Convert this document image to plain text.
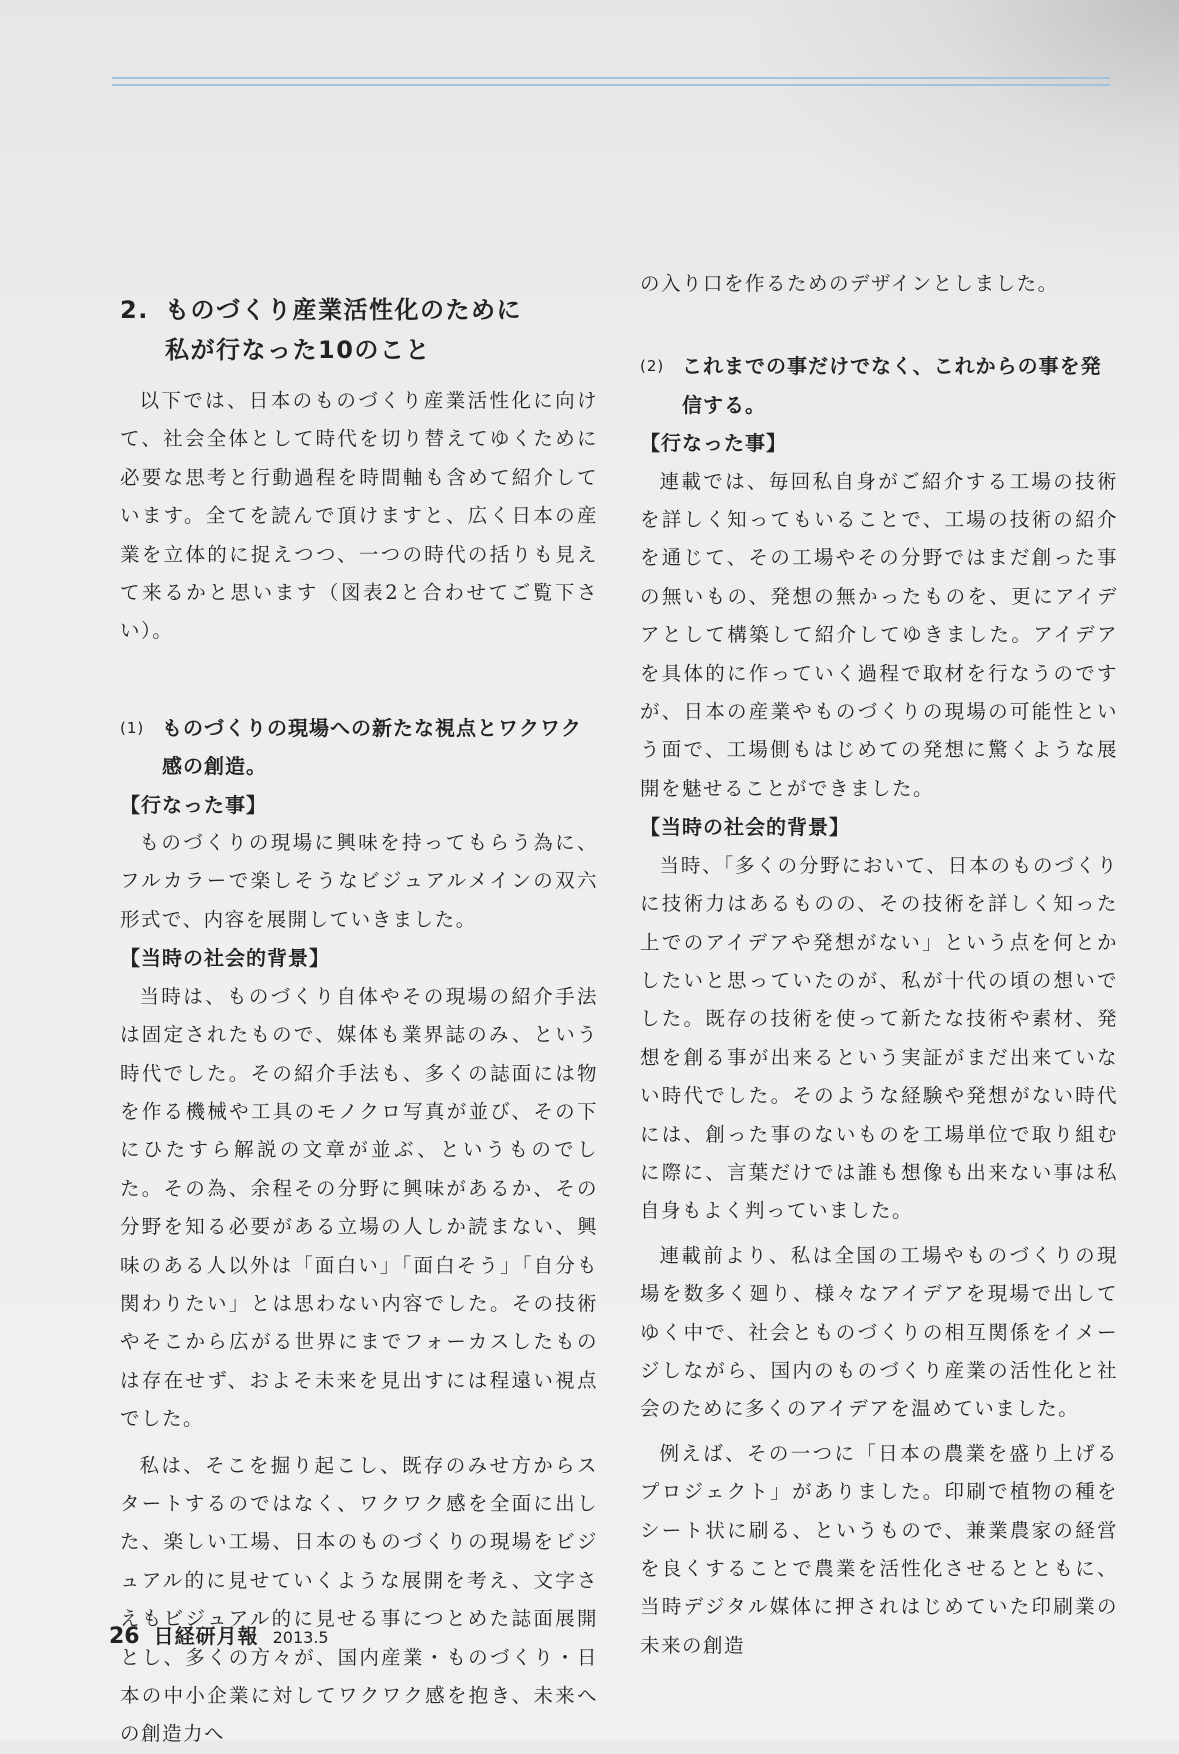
2. ものづくり産業活性化のために
私が行なった10のこと

以下では、日本のものづくり産業活性化に向けて、社会全体として時代を切り替えてゆくために必要な思考と行動過程を時間軸も含めて紹介しています。全てを読んで頂けますと、広く日本の産業を立体的に捉えつつ、一つの時代の括りも見えて来るかと思います（図表2と合わせてご覧下さい）。

(1) ものづくりの現場への新たな視点とワクワク感の創造。

【行なった事】

ものづくりの現場に興味を持ってもらう為に、フルカラーで楽しそうなビジュアルメインの双六形式で、内容を展開していきました。

【当時の社会的背景】

当時は、ものづくり自体やその現場の紹介手法は固定されたもので、媒体も業界誌のみ、という時代でした。その紹介手法も、多くの誌面には物を作る機械や工具のモノクロ写真が並び、その下にひたすら解説の文章が並ぶ、というものでした。その為、余程その分野に興味があるか、その分野を知る必要がある立場の人しか読まない、興味のある人以外は「面白い」「面白そう」「自分も関わりたい」とは思わない内容でした。その技術やそこから広がる世界にまでフォーカスしたものは存在せず、およそ未来を見出すには程遠い視点でした。

私は、そこを掘り起こし、既存のみせ方からスタートするのではなく、ワクワク感を全面に出した、楽しい工場、日本のものづくりの現場をビジュアル的に見せていくような展開を考え、文字さえもビジュアル的に見せる事につとめた誌面展開とし、多くの方々が、国内産業・ものづくり・日本の中小企業に対してワクワク感を抱き、未来への創造力へ

の入り口を作るためのデザインとしました。

(2) これまでの事だけでなく、これからの事を発信する。

【行なった事】

連載では、毎回私自身がご紹介する工場の技術を詳しく知ってもいることで、工場の技術の紹介を通じて、その工場やその分野ではまだ創った事の無いもの、発想の無かったものを、更にアイデアとして構築して紹介してゆきました。アイデアを具体的に作っていく過程で取材を行なうのですが、日本の産業やものづくりの現場の可能性という面で、工場側もはじめての発想に驚くような展開を魅せることができました。

【当時の社会的背景】

当時、「多くの分野において、日本のものづくりに技術力はあるものの、その技術を詳しく知った上でのアイデアや発想がない」という点を何とかしたいと思っていたのが、私が十代の頃の想いでした。既存の技術を使って新たな技術や素材、発想を創る事が出来るという実証がまだ出来ていない時代でした。そのような経験や発想がない時代には、創った事のないものを工場単位で取り組むに際に、言葉だけでは誰も想像も出来ない事は私自身もよく判っていました。

連載前より、私は全国の工場やものづくりの現場を数多く廻り、様々なアイデアを現場で出してゆく中で、社会とものづくりの相互関係をイメージしながら、国内のものづくり産業の活性化と社会のために多くのアイデアを温めていました。

例えば、その一つに「日本の農業を盛り上げるプロジェクト」がありました。印刷で植物の種をシート状に刷る、というもので、兼業農家の経営を良くすることで農業を活性化させるとともに、当時デジタル媒体に押されはじめていた印刷業の未来の創造

26 日経研月報 2013.5
